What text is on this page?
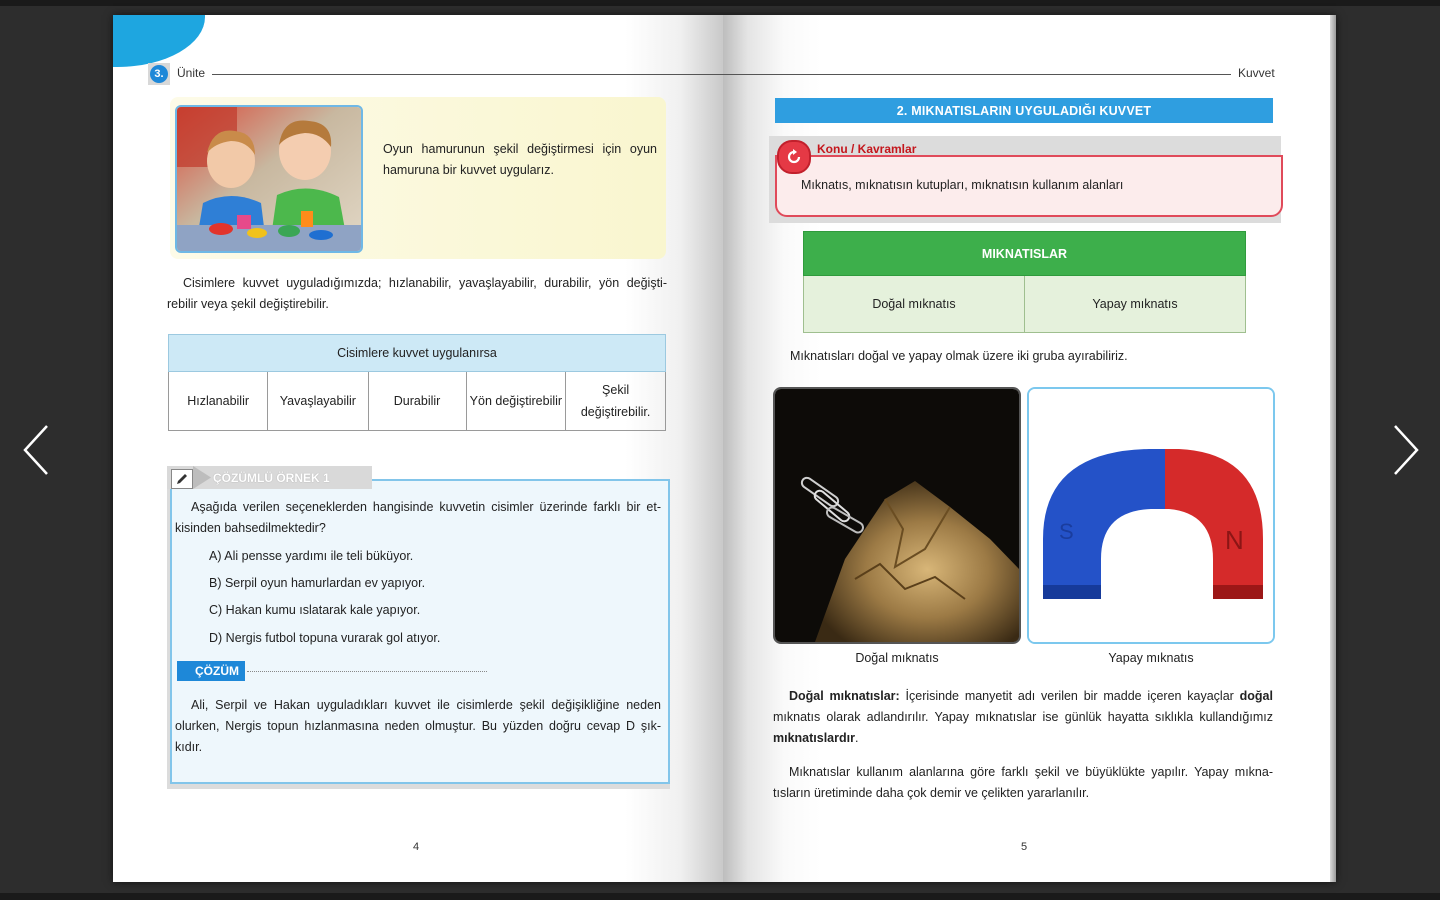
3.	Ünite
Oyun hamurunun şekil değiştirmesi için oyun hamuruna bir kuvvet uygularız.
Cisimlere kuvvet uyguladığımızda; hızlanabilir, yavaşlayabilir, durabilir, yön değişti-rebilir veya şekil değiştirebilir.
Cisimlere kuvvet uygulanırsa
Hızlanabilir	Yavaşlayabilir	Durabilir	Yön değiştirebilir	Şekil değiştirebilir.
ÇÖZÜMLÜ ÖRNEK 1
Aşağıda verilen seçeneklerden hangisinde kuvvetin cisimler üzerinde farklı bir et-kisinden bahsedilmektedir?
A) Ali pensse yardımı ile teli büküyor.
B) Serpil oyun hamurlardan ev yapıyor.
C) Hakan kumu ıslatarak kale yapıyor.
D) Nergis futbol topuna vurarak gol atıyor.
ÇÖZÜM
Ali, Serpil ve Hakan uyguladıkları kuvvet ile cisimlerde şekil değişikliğine neden olurken, Nergis topun hızlanmasına neden olmuştur. Bu yüzden doğru cevap D şık-kıdır.
4
Kuvvet
2. MIKNATISLARIN UYGULADIĞI KUVVET
Konu / Kavramlar
Mıknatıs, mıknatısın kutupları, mıknatısın kullanım alanları
MIKNATISLAR
Doğal mıknatıs	Yapay mıknatıs
Mıknatısları doğal ve yapay olmak üzere iki gruba ayırabiliriz.
S	N
Doğal mıknatıs	Yapay mıknatıs
Doğal mıknatıslar: İçerisinde manyetit adı verilen bir madde içeren kayaçlar doğal mıknatıs olarak adlandırılır. Yapay mıknatıslar ise günlük hayatta sıklıkla kullandığımız mıknatıslardır.
Mıknatıslar kullanım alanlarına göre farklı şekil ve büyüklükte yapılır. Yapay mıkna-tısların üretiminde daha çok demir ve çelikten yararlanılır.
5
